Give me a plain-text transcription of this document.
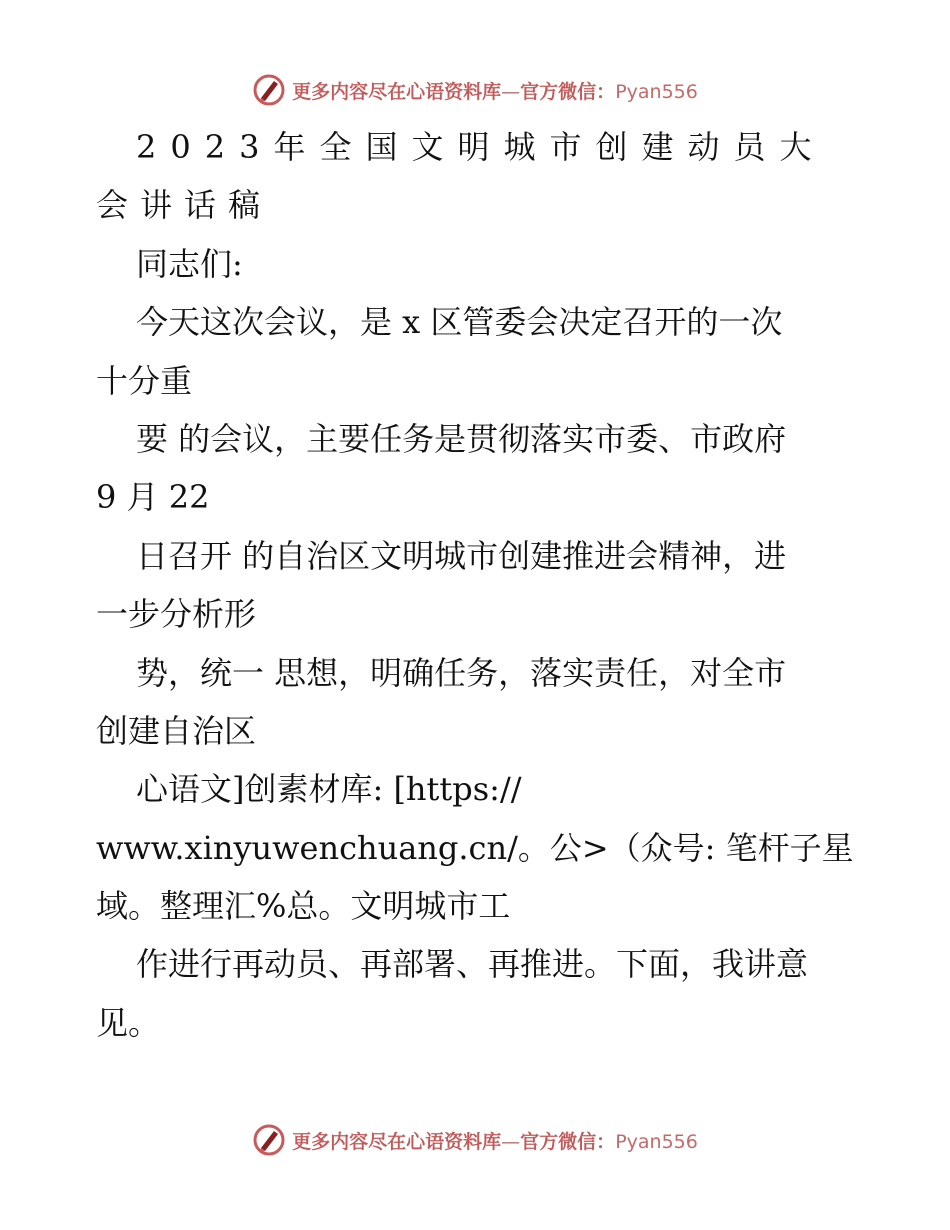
更多内容尽在心语资料库—官方微信：Pyan556
2023年全国文明城市创建动员大
会讲话稿
同志们:
今天这次会议，是 x 区管委会决定召开的一次
十分重
要 的会议，主要任务是贯彻落实市委、市政府
9 月 22
日召开 的自治区文明城市创建推进会精神，进
一步分析形
势，统一 思想，明确任务，落实责任，对全市
创建自治区
心语文]创素材库: [https://
www.xinyuwenchuang.cn/。公>（众号: 笔杆子星
域。整理汇%总。文明城市工
作进行再动员、再部署、再推进。下面，我讲意
见。
更多内容尽在心语资料库—官方微信：Pyan556
